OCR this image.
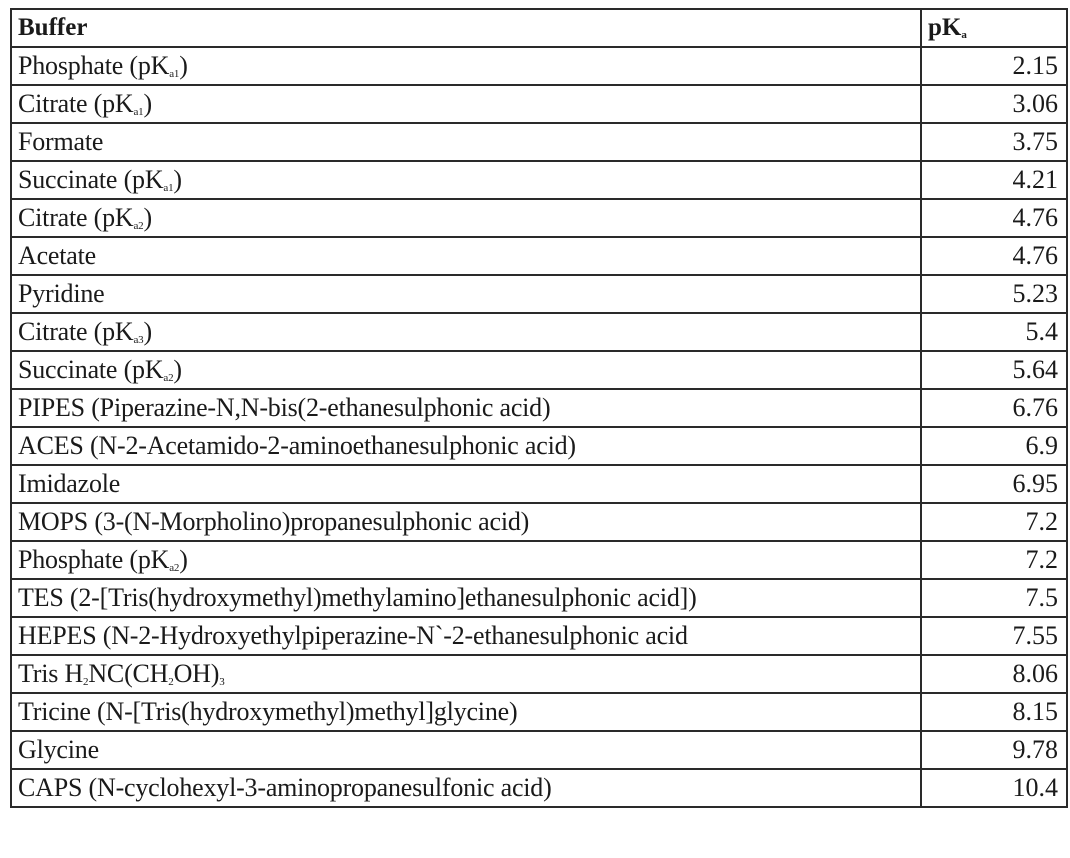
Buffer	$pK_a$
Phosphate $(pK_{a1})$	2.15
Citrate $(pK_{a1})$	3.06
Formate	3.75
Succinate $(pK_{a1})$	4.21
Citrate $(pK_{a2})$	4.76
Acetate	4.76
Pyridine	5.23
Citrate $(pK_{a3})$	5.4
Succinate $(pK_{a2})$	5.64
PIPES (Piperazine-N,N-bis(2-ethanesulphonic acid)	6.76
ACES (N-2-Acetamido-2-aminoethanesulphonic acid)	6.9
Imidazole	6.95
MOPS (3-(N-Morpholino)propanesulphonic acid)	7.2
Phosphate $(pK_{a2})$	7.2
TES (2-[Tris(hydroxymethyl)methylamino]ethanesulphonic acid])	7.5
HEPES (N-2-Hydroxyethylpiperazine-N`-2-ethanesulphonic acid	7.55
Tris $H_2NC(CH_2OH)_3$	8.06
Tricine (N-[Tris(hydroxymethyl)methyl]glycine)	8.15
Glycine	9.78
CAPS (N-cyclohexyl-3-aminopropanesulfonic acid)	10.4
